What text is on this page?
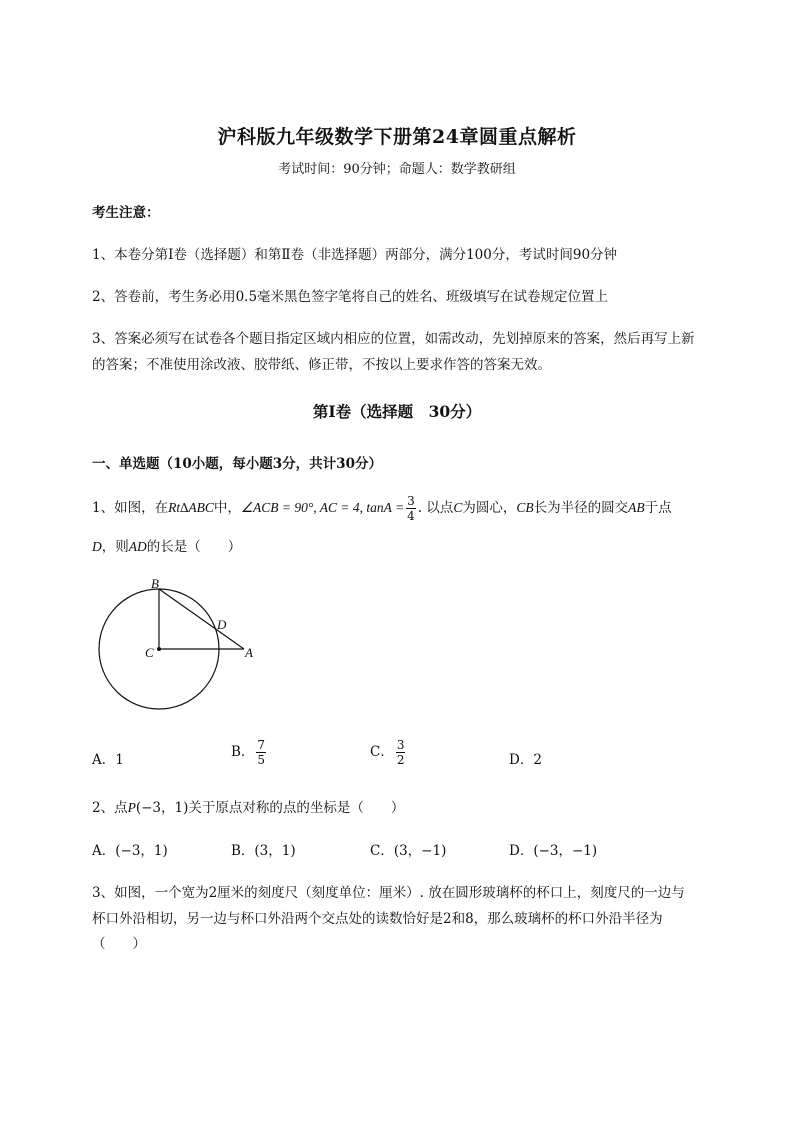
沪科版九年级数学下册第24章圆重点解析
考试时间：90分钟；命题人：数学教研组
考生注意：
1、本卷分第I卷（选择题）和第Ⅱ卷（非选择题）两部分，满分100分，考试时间90分钟
2、答卷前，考生务必用0.5毫米黑色签字笔将自己的姓名、班级填写在试卷规定位置上
3、答案必须写在试卷各个题目指定区域内相应的位置，如需改动，先划掉原来的答案，然后再写上新
的答案；不准使用涂改液、胶带纸、修正带，不按以上要求作答的答案无效。
第I卷（选择题　30分）
一、单选题（10小题，每小题3分，共计30分）
1、如图，在Rt∆ABC中，∠ACB = 90°, AC = 4, $\tan A = \frac{3}{4}$ . 以点C为圆心，CB长为半径的圆交AB于点
D，则AD的长是（　　）
B
C
D
A
A．1	B． $\frac{7}{5}$	C． $\frac{3}{2}$	D．2
2、点P(−3，1)关于原点对称的点的坐标是（　　）
A．(−3，1)	B．(3，1)	C．(3，−1)	D．(−3，−1)
3、如图，一个宽为2厘米的刻度尺（刻度单位：厘米）. 放在圆形玻璃杯的杯口上，刻度尺的一边与
杯口外沿相切，另一边与杯口外沿两个交点处的读数恰好是2和8，那么玻璃杯的杯口外沿半径为
（　　）
